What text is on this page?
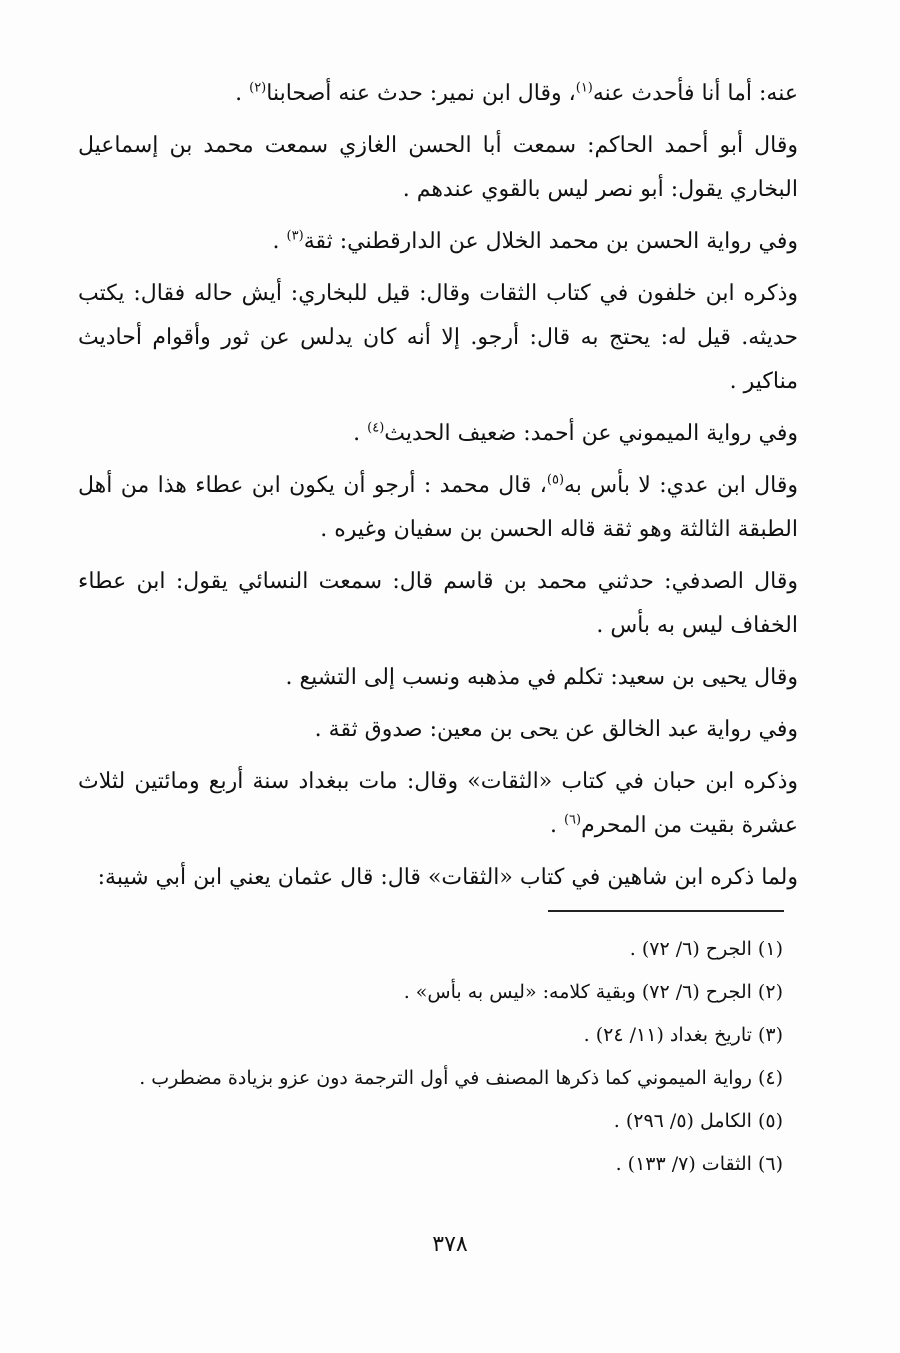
عنه: أما أنا فأحدث عنه$^{(١)}$، وقال ابن نمير: حدث عنه أصحابنا$^{(٢)}$ .

وقال أبو أحمد الحاكم: سمعت أبا الحسن الغازي سمعت محمد بن إسماعيل البخاري يقول: أبو نصر ليس بالقوي عندهم .

وفي رواية الحسن بن محمد الخلال عن الدارقطني: ثقة$^{(٣)}$ .

وذكره ابن خلفون في كتاب الثقات وقال: قيل للبخاري: أيش حاله فقال: يكتب حديثه. قيل له: يحتج به قال: أرجو. إلا أنه كان يدلس عن ثور وأقوام أحاديث مناكير .

وفي رواية الميموني عن أحمد: ضعيف الحديث$^{(٤)}$ .

وقال ابن عدي: لا بأس به$^{(٥)}$، قال محمد : أرجو أن يكون ابن عطاء هذا من أهل الطبقة الثالثة وهو ثقة قاله الحسن بن سفيان وغيره .

وقال الصدفي: حدثني محمد بن قاسم قال: سمعت النسائي يقول: ابن عطاء الخفاف ليس به بأس .

وقال يحيى بن سعيد: تكلم في مذهبه ونسب إلى التشيع .

وفي رواية عبد الخالق عن يحى بن معين: صدوق ثقة .

وذكره ابن حبان في كتاب «الثقات» وقال: مات ببغداد سنة أربع ومائتين لثلاث عشرة بقيت من المحرم$^{(٦)}$ .

ولما ذكره ابن شاهين في كتاب «الثقات» قال: قال عثمان يعني ابن أبي شيبة:

(١) الجرح (٦/ ٧٢) .

(٢) الجرح (٦/ ٧٢) وبقية كلامه: «ليس به بأس» .

(٣) تاريخ بغداد (١١/ ٢٤) .

(٤) رواية الميموني كما ذكرها المصنف في أول الترجمة دون عزو بزيادة مضطرب .

(٥) الكامل (٥/ ٢٩٦) .

(٦) الثقات (٧/ ١٣٣) .

٣٧٨
